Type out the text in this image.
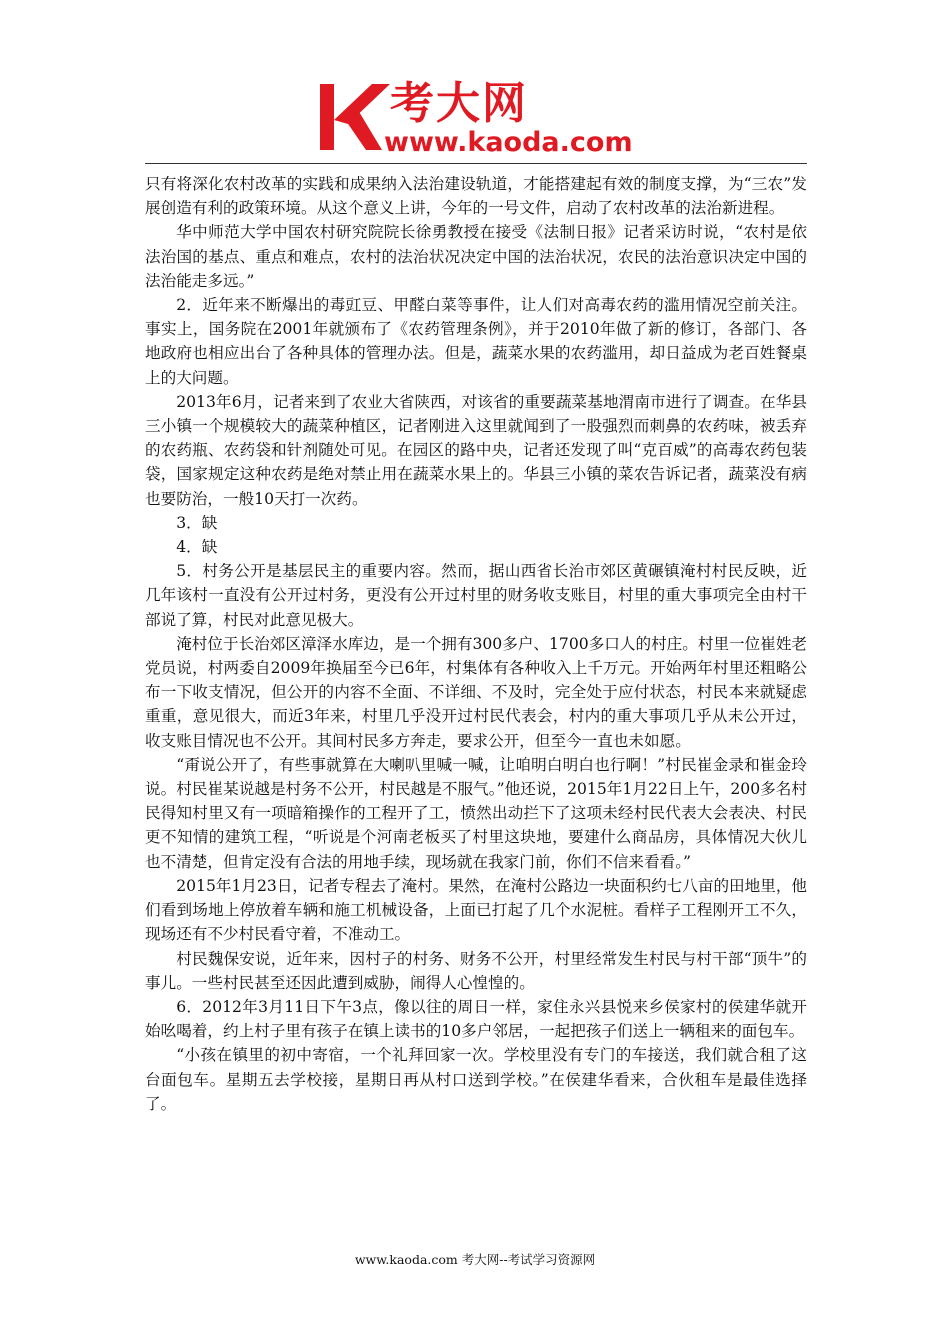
考大网
www.kaoda.com

只有将深化农村改革的实践和成果纳入法治建设轨道，才能搭建起有效的制度支撑，为“三农”发展创造有利的政策环境。从这个意义上讲，今年的一号文件，启动了农村改革的法治新进程。

华中师范大学中国农村研究院院长徐勇教授在接受《法制日报》记者采访时说，“农村是依法治国的基点、重点和难点，农村的法治状况决定中国的法治状况，农民的法治意识决定中国的法治能走多远。”

2．近年来不断爆出的毒豇豆、甲醛白菜等事件，让人们对高毒农药的滥用情况空前关注。事实上，国务院在2001年就颁布了《农药管理条例》，并于2010年做了新的修订，各部门、各地政府也相应出台了各种具体的管理办法。但是，蔬菜水果的农药滥用，却日益成为老百姓餐桌上的大问题。

2013年6月，记者来到了农业大省陕西，对该省的重要蔬菜基地渭南市进行了调查。在华县三小镇一个规模较大的蔬菜种植区，记者刚进入这里就闻到了一股强烈而刺鼻的农药味，被丢弃的农药瓶、农药袋和针剂随处可见。在园区的路中央，记者还发现了叫“克百威”的高毒农药包装袋，国家规定这种农药是绝对禁止用在蔬菜水果上的。华县三小镇的菜农告诉记者，蔬菜没有病也要防治，一般10天打一次药。

3．缺

4．缺

5．村务公开是基层民主的重要内容。然而，据山西省长治市郊区黄碾镇淹村村民反映，近几年该村一直没有公开过村务，更没有公开过村里的财务收支账目，村里的重大事项完全由村干部说了算，村民对此意见极大。

淹村位于长治郊区漳泽水库边，是一个拥有300多户、1700多口人的村庄。村里一位崔姓老党员说，村两委自2009年换届至今已6年，村集体有各种收入上千万元。开始两年村里还粗略公布一下收支情况，但公开的内容不全面、不详细、不及时，完全处于应付状态，村民本来就疑虑重重，意见很大，而近3年来，村里几乎没开过村民代表会，村内的重大事项几乎从未公开过，收支账目情况也不公开。其间村民多方奔走，要求公开，但至今一直也未如愿。

“甭说公开了，有些事就算在大喇叭里喊一喊，让咱明白明白也行啊！”村民崔金录和崔金玲说。村民崔某说越是村务不公开，村民越是不服气。”他还说，2015年1月22日上午，200多名村民得知村里又有一项暗箱操作的工程开了工，愤然出动拦下了这项未经村民代表大会表决、村民更不知情的建筑工程，“听说是个河南老板买了村里这块地，要建什么商品房，具体情况大伙儿也不清楚，但肯定没有合法的用地手续，现场就在我家门前，你们不信来看看。”

2015年1月23日，记者专程去了淹村。果然，在淹村公路边一块面积约七八亩的田地里，他们看到场地上停放着车辆和施工机械设备，上面已打起了几个水泥桩。看样子工程刚开工不久，现场还有不少村民看守着，不准动工。

村民魏保安说，近年来，因村子的村务、财务不公开，村里经常发生村民与村干部“顶牛”的事儿。一些村民甚至还因此遭到威胁，闹得人心惶惶的。

6．2012年3月11日下午3点，像以往的周日一样，家住永兴县悦来乡侯家村的侯建华就开始吆喝着，约上村子里有孩子在镇上读书的10多户邻居，一起把孩子们送上一辆租来的面包车。

“小孩在镇里的初中寄宿，一个礼拜回家一次。学校里没有专门的车接送，我们就合租了这台面包车。星期五去学校接，星期日再从村口送到学校。”在侯建华看来，合伙租车是最佳选择了。

www.kaoda.com 考大网--考试学习资源网
